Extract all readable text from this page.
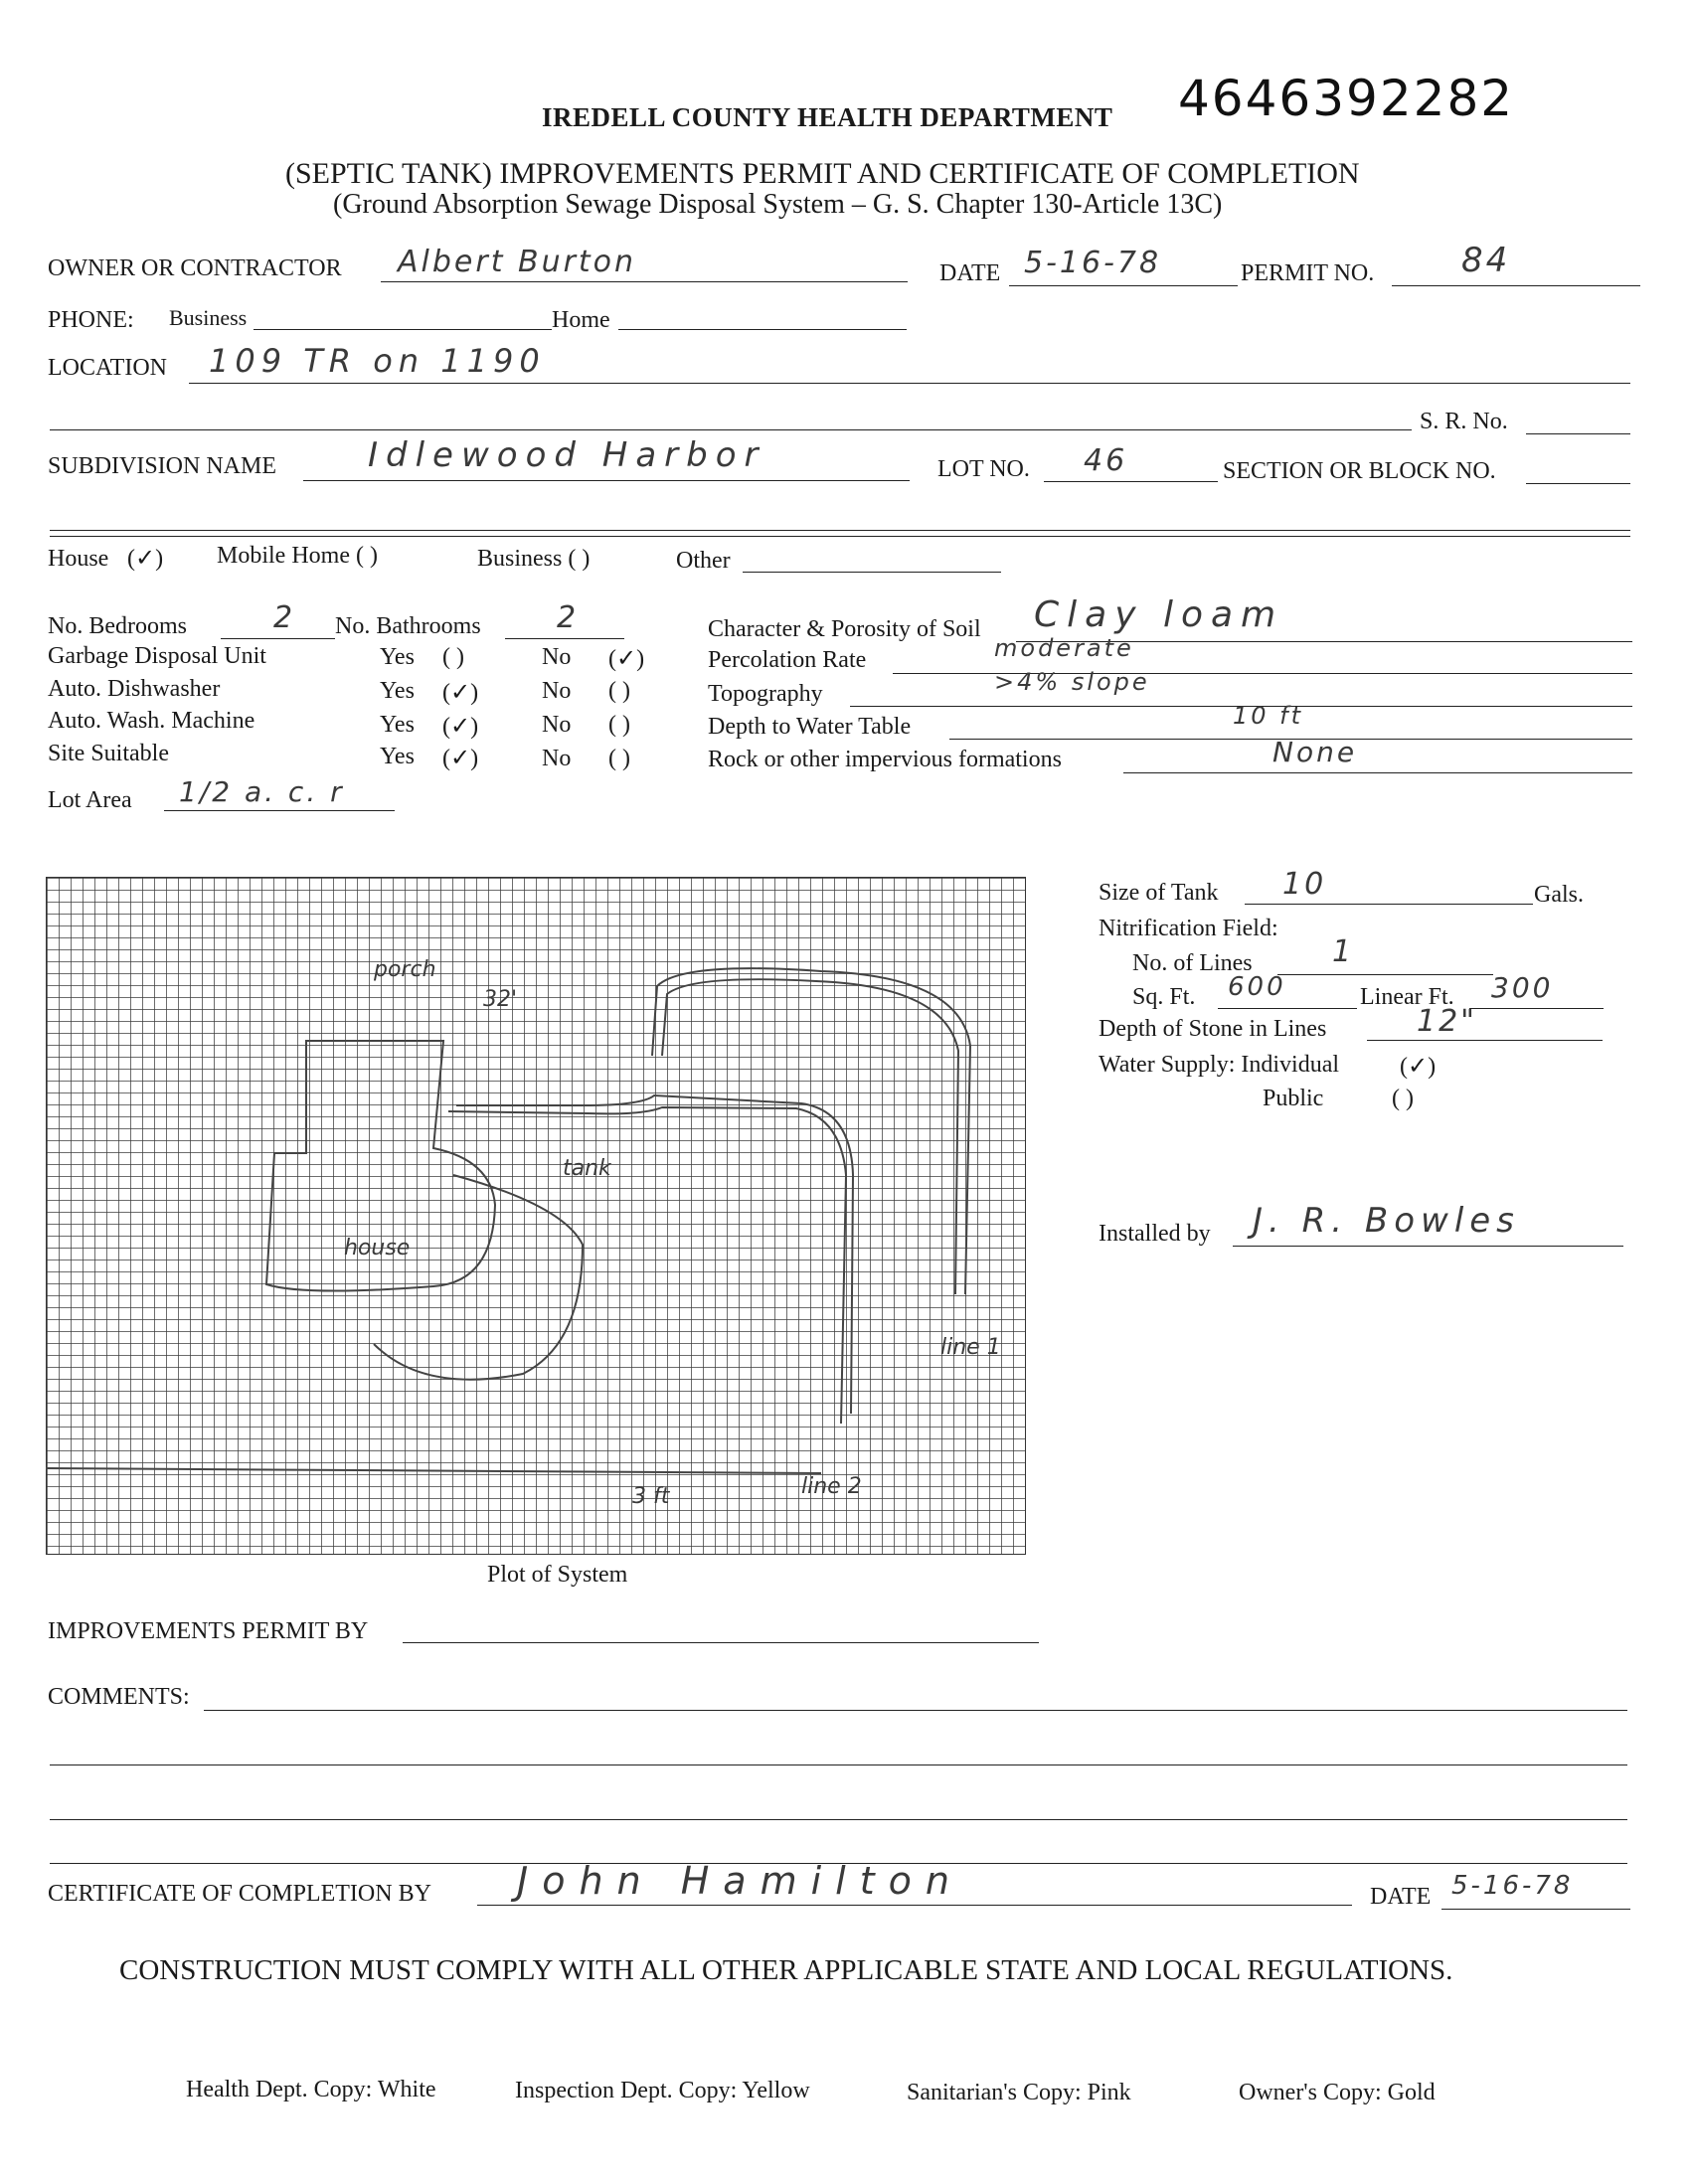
IREDELL COUNTY HEALTH DEPARTMENT 4646392282
(SEPTIC TANK) IMPROVEMENTS PERMIT AND CERTIFICATE OF COMPLETION
(Ground Absorption Sewage Disposal System – G. S. Chapter 130-Article 13C)
OWNER OR CONTRACTOR Albert Burton	DATE 5-16-78	PERMIT NO.	84
PHONE: Business	Home
LOCATION 109 TR on 1190
S. R. No.
SUBDIVISION NAME	Idlewood Harbor	LOT NO. 46	SECTION OR BLOCK NO.
House (✓) Mobile Home ( )	Business ( )	Other
No. Bedrooms	2 No. Bathrooms	2
Garbage Disposal Unit	Yes ( )	No (✓)
Auto. Dishwasher	Yes (✓)	No ( )
Auto. Wash. Machine	Yes (✓)	No ( )
Site Suitable	Yes (✓)	No ( )
Lot Area 1/2 a. c. r
Character & Porosity of Soil Clay loam
Percolation Rate	moderate
Topography	>4% slope
Depth to Water Table	10 ft
Rock or other impervious formations	None
32'
tank
house
porch
line 1
line 2
3 ft
Plot of System
Size of Tank 10	Gals.
Nitrification Field:
No. of Lines	1
Sq. Ft. 600	Linear Ft. 300
Depth of Stone in Lines	12"
Water Supply: Individual	(✓)
Public	( )
Installed by J. R. Bowles
IMPROVEMENTS PERMIT BY
COMMENTS:
CERTIFICATE OF COMPLETION BY John Hamilton	DATE 5-16-78
CONSTRUCTION MUST COMPLY WITH ALL OTHER APPLICABLE STATE AND LOCAL REGULATIONS.
Health Dept. Copy: White	Inspection Dept. Copy: Yellow	Sanitarian's Copy: Pink	Owner's Copy: Gold
